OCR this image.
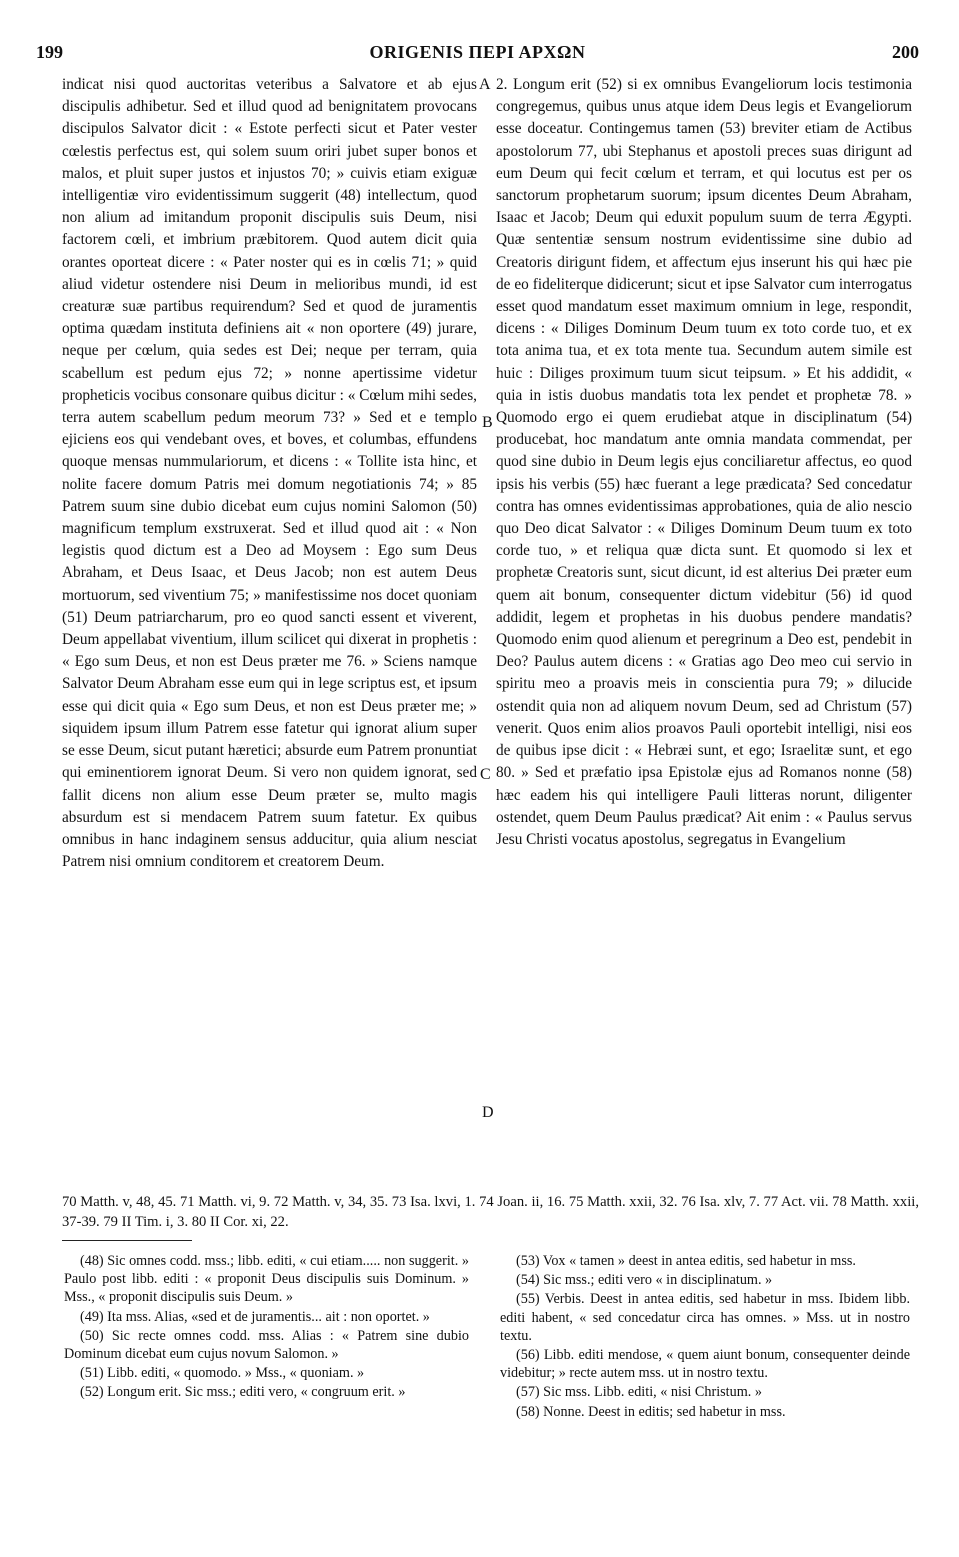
199	ORIGENIS ΠΕΡΙ ΑΡΧΩΝ	200

indicat nisi quod auctoritas veteribus a Salvatore et ab ejus discipulis adhibetur. Sed et illud quod ad benignitatem provocans discipulos Salvator dicit : « Estote perfecti sicut et Pater vester cœlestis perfectus est, qui solem suum oriri jubet super bonos et malos, et pluit super justos et injustos 70; » cuivis etiam exiguæ intelligentiæ viro evidentissimum suggerit (48) intellectum, quod non alium ad imitandum proponit discipulis suis Deum, nisi factorem cœli, et imbrium præbitorem. Quod autem dicit quia orantes oporteat dicere : « Pater noster qui es in cœlis 71; » quid aliud videtur ostendere nisi Deum in melioribus mundi, id est creaturæ suæ partibus requirendum? Sed et quod de juramentis optima quædam instituta definiens ait « non oportere (49) jurare, neque per cœlum, quia sedes est Dei; neque per terram, quia scabellum est pedum ejus 72; » nonne apertissime videtur propheticis vocibus consonare quibus dicitur : « Cœlum mihi sedes, terra autem scabellum pedum meorum 73? » Sed et e templo ejiciens eos qui vendebant oves, et boves, et columbas, effundens quoque mensas nummulariorum, et dicens : « Tollite ista hinc, et nolite facere domum Patris mei domum negotiationis 74; » 85 Patrem suum sine dubio dicebat eum cujus nomini Salomon (50) magnificum templum exstruxerat. Sed et illud quod ait : « Non legistis quod dictum est a Deo ad Moysem : Ego sum Deus Abraham, et Deus Isaac, et Deus Jacob; non est autem Deus mortuorum, sed viventium 75; » manifestissime nos docet quoniam (51) Deum patriarcharum, pro eo quod sancti essent et viverent, Deum appellabat viventium, illum scilicet qui dixerat in prophetis : « Ego sum Deus, et non est Deus præter me 76. » Sciens namque Salvator Deum Abraham esse eum qui in lege scriptus est, et ipsum esse qui dicit quia « Ego sum Deus, et non est Deus præter me; » siquidem ipsum illum Patrem esse fatetur qui ignorat alium super se esse Deum, sicut putant hæretici; absurde eum Patrem pronuntiat qui eminentiorem ignorat Deum. Si vero non quidem ignorat, sed fallit dicens non alium esse Deum præter se, multo magis absurdum est si mendacem Patrem suum fatetur. Ex quibus omnibus in hanc indaginem sensus adducitur, quia alium nesciat Patrem nisi omnium conditorem et creatorem Deum.

2. Longum erit (52) si ex omnibus Evangeliorum locis testimonia congregemus, quibus unus atque idem Deus legis et Evangeliorum esse doceatur. Contingemus tamen (53) breviter etiam de Actibus apostolorum 77, ubi Stephanus et apostoli preces suas dirigunt ad eum Deum qui fecit cœlum et terram, et qui locutus est per os sanctorum prophetarum suorum; ipsum dicentes Deum Abraham, Isaac et Jacob; Deum qui eduxit populum suum de terra Ægypti. Quæ sententiæ sensum nostrum evidentissime sine dubio ad Creatoris dirigunt fidem, et affectum ejus inserunt his qui hæc pie de eo fideliterque didicerunt; sicut et ipse Salvator cum interrogatus esset quod mandatum esset maximum omnium in lege, respondit, dicens : « Diliges Dominum Deum tuum ex toto corde tuo, et ex tota anima tua, et ex tota mente tua. Secundum autem simile est huic : Diliges proximum tuum sicut teipsum. » Et his addidit, « quia in istis duobus mandatis tota lex pendet et prophetæ 78. » Quomodo ergo ei quem erudiebat atque in disciplinatum (54) producebat, hoc mandatum ante omnia mandata commendat, per quod sine dubio in Deum legis ejus conciliaretur affectus, eo quod ipsis his verbis (55) hæc fuerant a lege prædicata? Sed concedatur contra has omnes evidentissimas approbationes, quia de alio nescio quo Deo dicat Salvator : « Diliges Dominum Deum tuum ex toto corde tuo, » et reliqua quæ dicta sunt. Et quomodo si lex et prophetæ Creatoris sunt, sicut dicunt, id est alterius Dei præter eum quem ait bonum, consequenter dictum videbitur (56) id quod addidit, legem et prophetas in his duobus pendere mandatis? Quomodo enim quod alienum et peregrinum a Deo est, pendebit in Deo? Paulus autem dicens : « Gratias ago Deo meo cui servio in spiritu meo a proavis meis in conscientia pura 79; » dilucide ostendit quia non ad aliquem novum Deum, sed ad Christum (57) venerit. Quos enim alios proavos Pauli oportebit intelligi, nisi eos de quibus ipse dicit : « Hebræi sunt, et ego; Israelitæ sunt, et ego 80. » Sed et præfatio ipsa Epistolæ ejus ad Romanos nonne (58) hæc eadem his qui intelligere Pauli litteras norunt, diligenter ostendet, quem Deum Paulus prædicat? Ait enim : « Paulus servus Jesu Christi vocatus apostolus, segregatus in Evangelium

A
B
C
D
70 Matth. v, 48, 45. 71 Matth. vi, 9. 72 Matth. v, 34, 35. 73 Isa. lxvi, 1. 74 Joan. ii, 16. 75 Matth. xxii, 32. 76 Isa. xlv, 7. 77 Act. vii. 78 Matth. xxii, 37-39. 79 II Tim. i, 3. 80 II Cor. xi, 22.

(48) Sic omnes codd. mss.; libb. editi, « cui etiam..... non suggerit. » Paulo post libb. editi : « proponit Deus discipulis suis Dominum. » Mss., « proponit discipulis suis Deum. »

(49) Ita mss. Alias, «sed et de juramentis... ait : non oportet. »

(50) Sic recte omnes codd. mss. Alias : « Patrem sine dubio Dominum dicebat eum cujus novum Salomon. »

(51) Libb. editi, « quomodo. » Mss., « quoniam. »

(52) Longum erit. Sic mss.; editi vero, « congruum erit. »

(53) Vox « tamen » deest in antea editis, sed habetur in mss.

(54) Sic mss.; editi vero « in disciplinatum. »

(55) Verbis. Deest in antea editis, sed habetur in mss. Ibidem libb. editi habent, « sed concedatur circa has omnes. » Mss. ut in nostro textu.

(56) Libb. editi mendose, « quem aiunt bonum, consequenter deinde videbitur; » recte autem mss. ut in nostro textu.

(57) Sic mss. Libb. editi, « nisi Christum. »

(58) Nonne. Deest in editis; sed habetur in mss.
